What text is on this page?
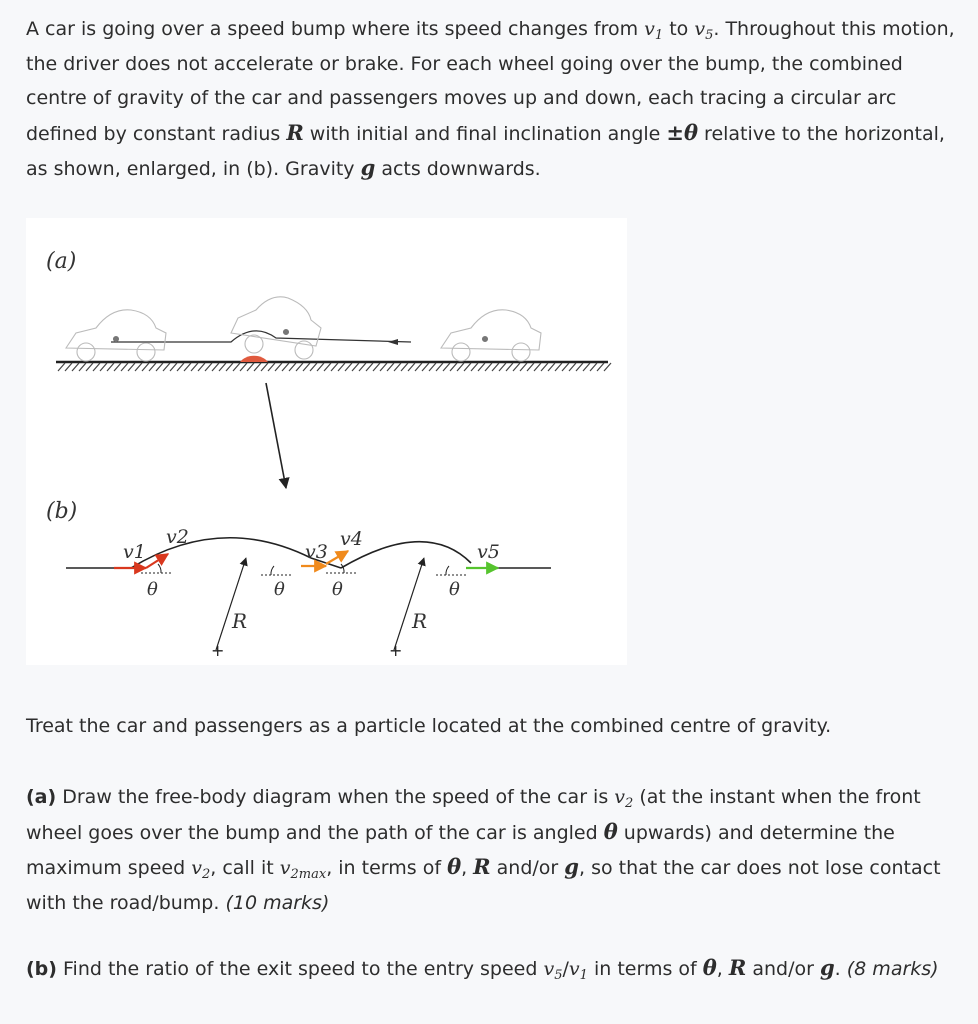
A car is going over a speed bump where its speed changes from $v_1$ to $v_5$. Throughout this motion, the driver does not accelerate or brake. For each wheel going over the bump, the combined centre of gravity of the car and passengers moves up and down, each tracing a circular arc defined by constant radius R with initial and final inclination angle ±θ relative to the horizontal, as shown, enlarged, in (b). Gravity g acts downwards.

(a)
(b)
v1
v2
v3
v4
v5
θ	θ	θ	θ
+
R
+
R

Treat the car and passengers as a particle located at the combined centre of gravity.

(a) Draw the free-body diagram when the speed of the car is $v_2$ (at the instant when the front wheel goes over the bump and the path of the car is angled θ upwards) and determine the maximum speed $v_2$, call it $v_{2max}$, in terms of θ, R and/or g, so that the car does not lose contact with the road/bump. (10 marks)

(b) Find the ratio of the exit speed to the entry speed $v_5/v_1$ in terms of θ, R and/or g. (8 marks)
